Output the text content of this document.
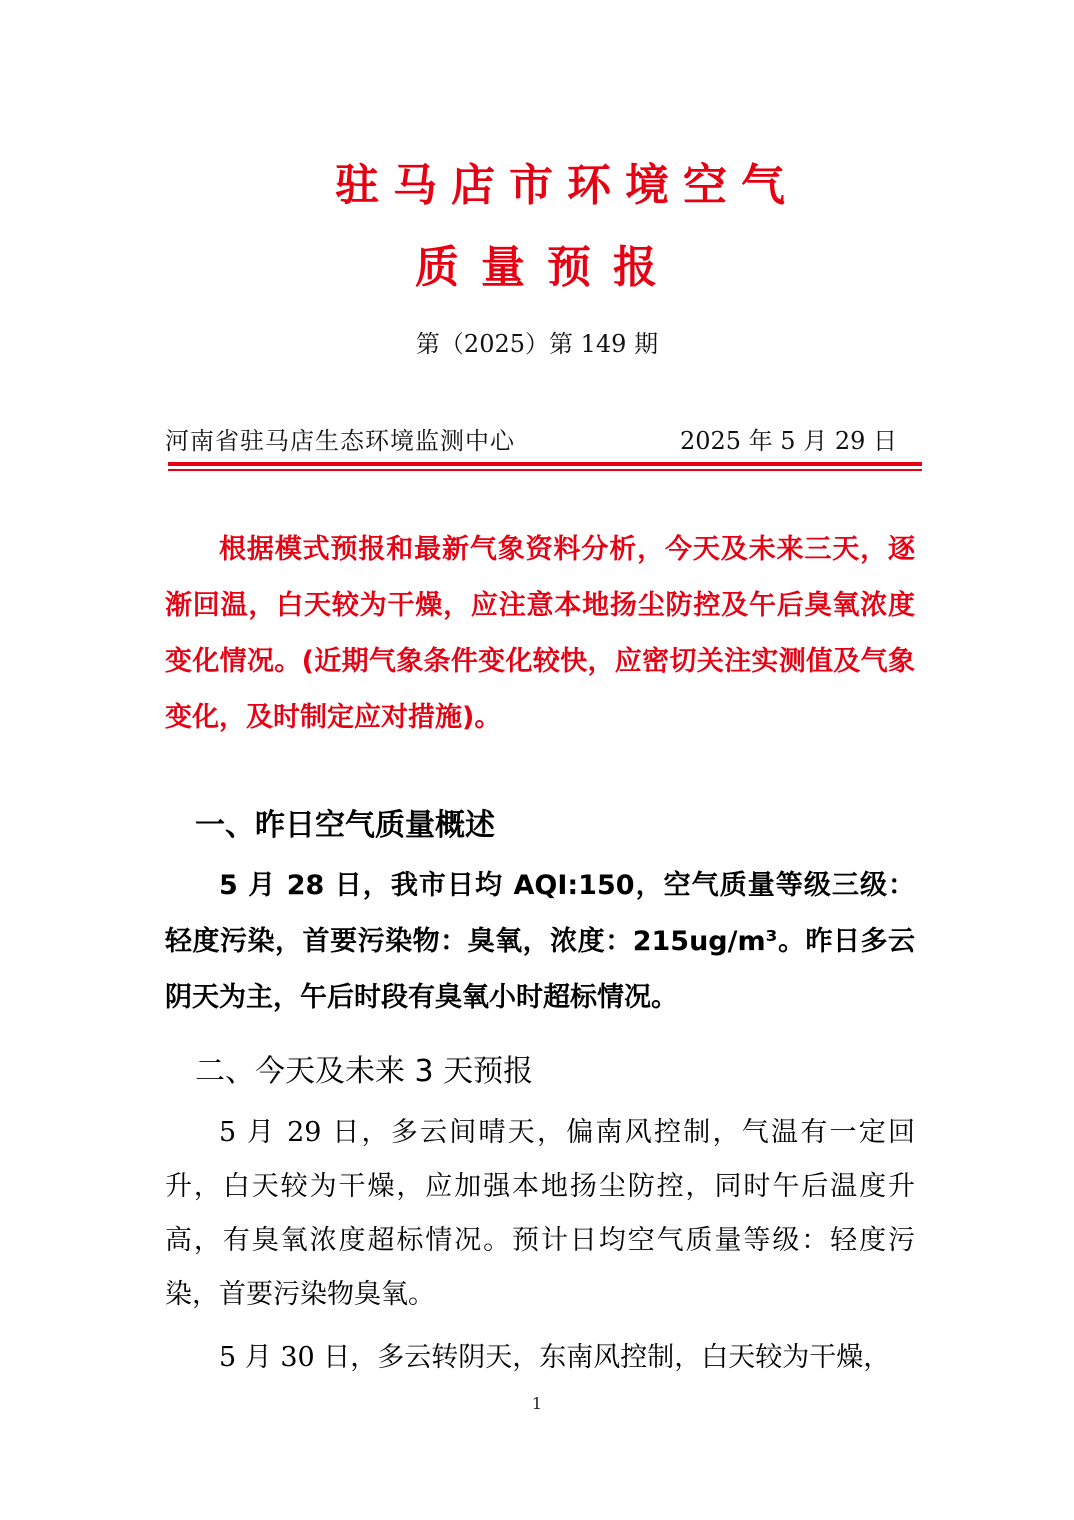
驻马店市环境空气
质量预报
第（2025）第 149 期
河南省驻马店生态环境监测中心	2025 年 5 月 29 日

根据模式预报和最新气象资料分析，今天及未来三天，逐渐回温，白天较为干燥，应注意本地扬尘防控及午后臭氧浓度变化情况。(近期气象条件变化较快，应密切关注实测值及气象变化，及时制定应对措施)。

一、昨日空气质量概述

5 月 28 日，我市日均 AQI:150，空气质量等级三级：轻度污染，首要污染物：臭氧，浓度：215ug/m³。昨日多云阴天为主，午后时段有臭氧小时超标情况。

二、今天及未来 3 天预报

5 月 29 日，多云间晴天，偏南风控制，气温有一定回升，白天较为干燥，应加强本地扬尘防控，同时午后温度升高，有臭氧浓度超标情况。预计日均空气质量等级：轻度污染，首要污染物臭氧。

5 月 30 日，多云转阴天，东南风控制，白天较为干燥，

1
